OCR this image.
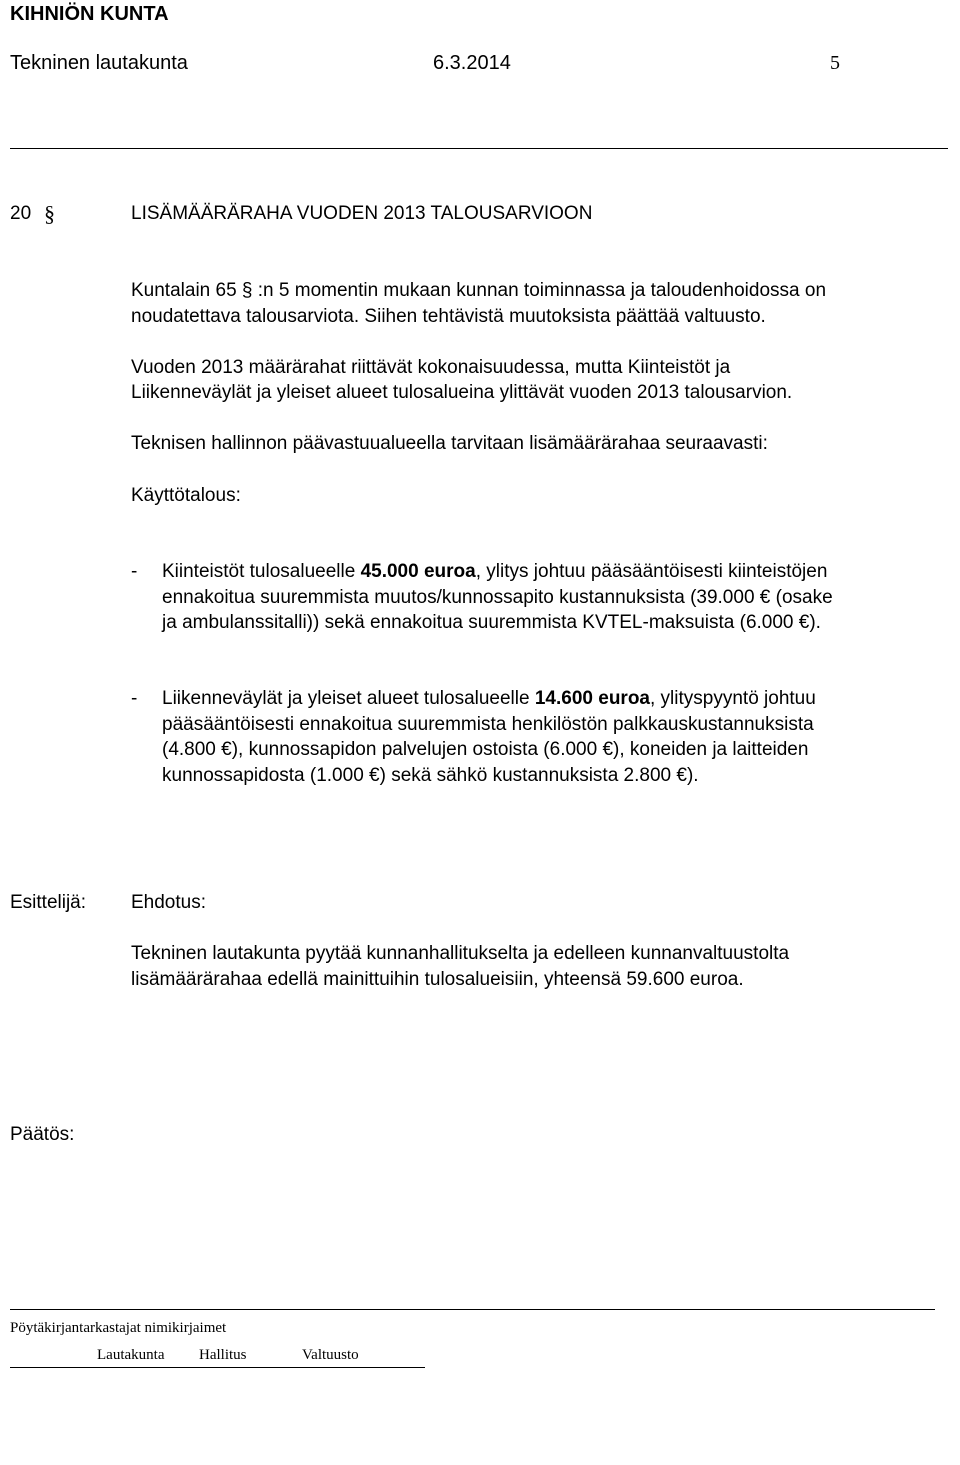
KIHNIÖN KUNTA
Tekninen lautakunta	6.3.2014	5
20 §	LISÄMÄÄRÄRAHA VUODEN 2013 TALOUSARVIOON
Kuntalain 65 § :n 5 momentin mukaan kunnan toiminnassa ja taloudenhoidossa on
noudatettava talousarviota. Siihen tehtävistä muutoksista päättää valtuusto.
Vuoden 2013 määrärahat riittävät kokonaisuudessa, mutta Kiinteistöt ja
Liikenneväylät ja yleiset alueet tulosalueina ylittävät vuoden 2013 talousarvion.
Teknisen hallinnon päävastuualueella tarvitaan lisämäärärahaa seuraavasti:
Käyttötalous:
- Kiinteistöt tulosalueelle 45.000 euroa, ylitys johtuu pääsääntöisesti kiinteistöjen
ennakoitua suuremmista muutos/kunnossapito kustannuksista (39.000 € (osake
ja ambulanssitalli)) sekä ennakoitua suuremmista KVTEL-maksuista (6.000 €).
- Liikenneväylät ja yleiset alueet tulosalueelle 14.600 euroa, ylityspyyntö johtuu
pääsääntöisesti ennakoitua suuremmista henkilöstön palkkauskustannuksista
(4.800 €), kunnossapidon palvelujen ostoista (6.000 €), koneiden ja laitteiden
kunnossapidosta (1.000 €) sekä sähkö kustannuksista 2.800 €).
Esittelijä: Ehdotus:
Tekninen lautakunta pyytää kunnanhallitukselta ja edelleen kunnanvaltuustolta
lisämäärärahaa edellä mainittuihin tulosalueisiin, yhteensä 59.600 euroa.
Päätös:
Pöytäkirjantarkastajat nimikirjaimet
Lautakunta Hallitus	Valtuusto
